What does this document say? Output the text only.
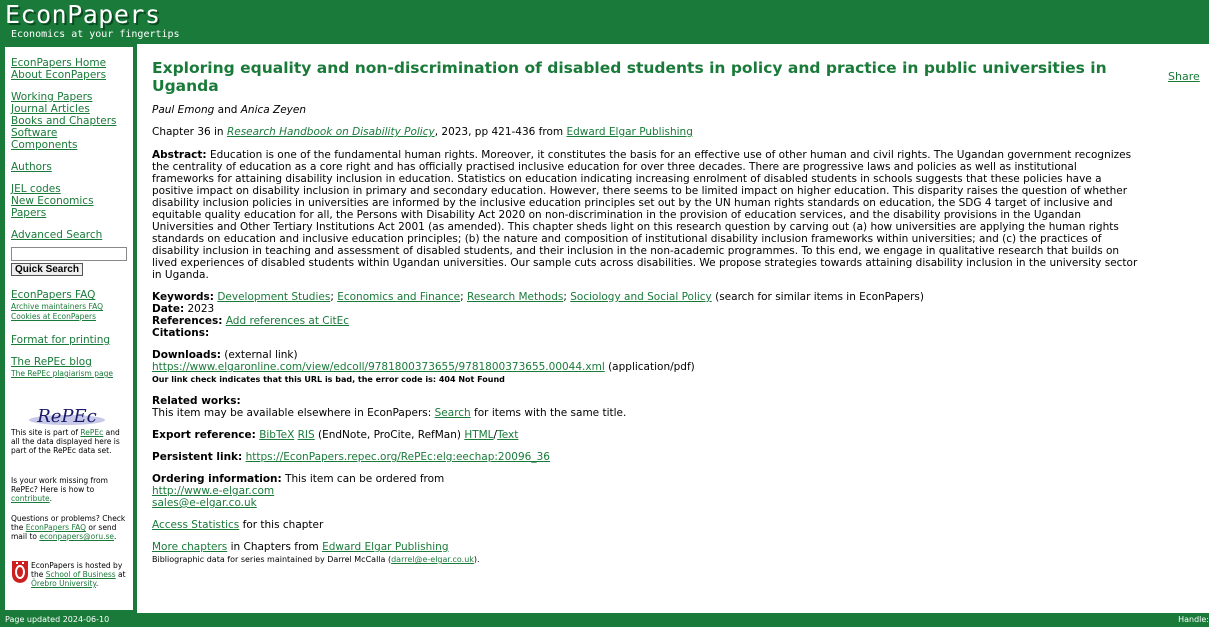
EconPapers
Economics at your fingertips
EconPapers Home
About EconPapers
Working Papers
Journal Articles
Books and Chapters
Software Components
Authors
JEL codes
New Economics Papers
Advanced Search
Quick Search
EconPapers FAQ
Archive maintainers FAQ
Cookies at EconPapers
Format for printing
The RePEc blog
The RePEc plagiarism page
RePEc
This site is part of RePEc and all the data displayed here is part of the RePEc data set.
Is your work missing from RePEc? Here is how to contribute.
Questions or problems? Check the EconPapers FAQ or send mail to econpapers@oru.se.
EconPapers is hosted by the School of Business at Örebro University.
Exploring equality and non-discrimination of disabled students in policy and practice in public universities in Uganda
Share
Paul Emong and Anica Zeyen
Chapter 36 in Research Handbook on Disability Policy, 2023, pp 421-436 from Edward Elgar Publishing
Abstract: Education is one of the fundamental human rights. Moreover, it constitutes the basis for an effective use of other human and civil rights. The Ugandan government recognizes the centrality of education as a core right and has officially practised inclusive education for over three decades. There are progressive laws and policies as well as institutional frameworks for attaining disability inclusion in education. Statistics on education indicating increasing enrolment of disabled students in schools suggests that these policies have a positive impact on disability inclusion in primary and secondary education. However, there seems to be limited impact on higher education. This disparity raises the question of whether disability inclusion policies in universities are informed by the inclusive education principles set out by the UN human rights standards on education, the SDG 4 target of inclusive and equitable quality education for all, the Persons with Disability Act 2020 on non-discrimination in the provision of education services, and the disability provisions in the Ugandan Universities and Other Tertiary Institutions Act 2001 (as amended). This chapter sheds light on this research question by carving out (a) how universities are applying the human rights standards on education and inclusive education principles; (b) the nature and composition of institutional disability inclusion frameworks within universities; and (c) the practices of disability inclusion in teaching and assessment of disabled students, and their inclusion in the non-academic programmes. To this end, we engage in qualitative research that builds on lived experiences of disabled students within Ugandan universities. Our sample cuts across disabilities. We propose strategies towards attaining disability inclusion in the university sector in Uganda.
Keywords: Development Studies; Economics and Finance; Research Methods; Sociology and Social Policy (search for similar items in EconPapers)
Date: 2023
References: Add references at CitEc
Citations:
Downloads: (external link)
https://www.elgaronline.com/view/edcoll/9781800373655/9781800373655.00044.xml (application/pdf)
Our link check indicates that this URL is bad, the error code is: 404 Not Found
Related works:
This item may be available elsewhere in EconPapers: Search for items with the same title.
Export reference: BibTeX RIS (EndNote, ProCite, RefMan) HTML/Text
Persistent link: https://EconPapers.repec.org/RePEc:elg:eechap:20096_36
Ordering information: This item can be ordered from
http://www.e-elgar.com
sales@e-elgar.co.uk
Access Statistics for this chapter
More chapters in Chapters from Edward Elgar Publishing
Bibliographic data for series maintained by Darrel McCalla (darrel@e-elgar.co.uk).
Page updated 2024-06-10	Handle:
